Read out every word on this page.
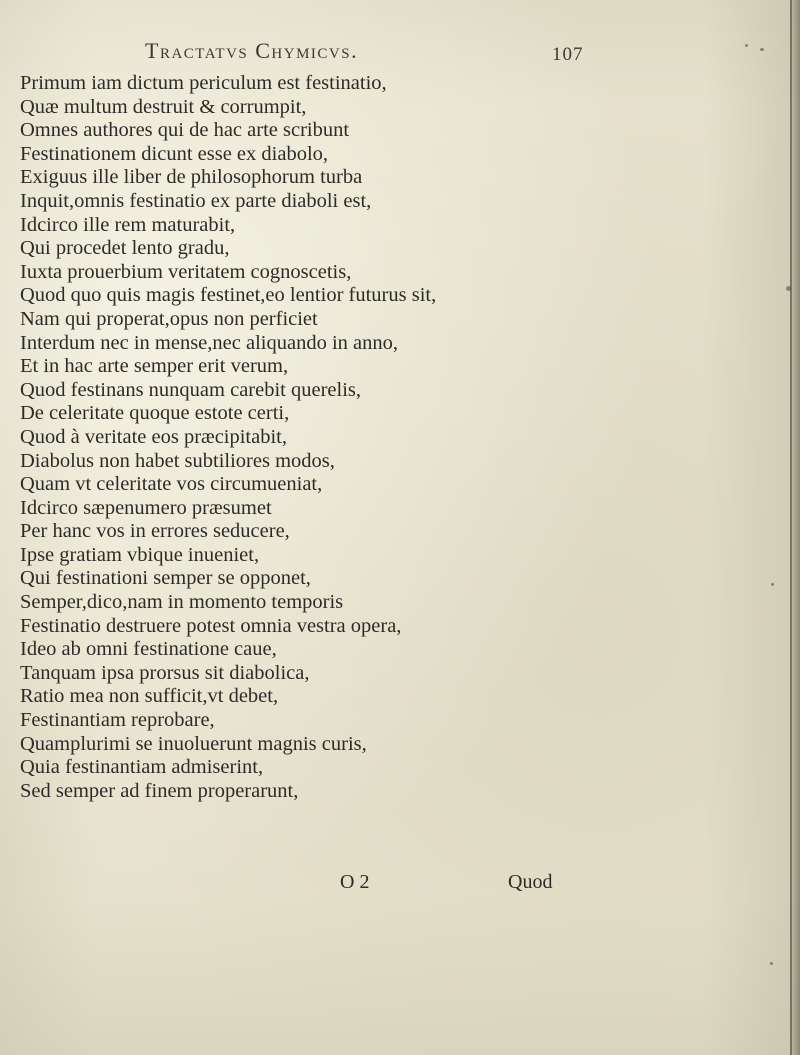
Tractatvs Chymicvs.	107
Primum iam dictum periculum est festinatio,
Quæ multum destruit & corrumpit,
Omnes authores qui de hac arte scribunt
Festinationem dicunt esse ex diabolo,
Exiguus ille liber de philosophorum turba
Inquit,omnis festinatio ex parte diaboli est,
Idcirco ille rem maturabit,
Qui procedet lento gradu,
Iuxta prouerbium veritatem cognoscetis,
Quod quo quis magis festinet,eo lentior futurus sit,
Nam qui properat,opus non perficiet
Interdum nec in mense,nec aliquando in anno,
Et in hac arte semper erit verum,
Quod festinans nunquam carebit querelis,
De celeritate quoque estote certi,
Quod à veritate eos præcipitabit,
Diabolus non habet subtiliores modos,
Quam vt celeritate vos circumueniat,
Idcirco sæpenumero præsumet
Per hanc vos in errores seducere,
Ipse gratiam vbique inueniet,
Qui festinationi semper se opponet,
Semper,dico,nam in momento temporis
Festinatio destruere potest omnia vestra opera,
Ideo ab omni festinatione caue,
Tanquam ipsa prorsus sit diabolica,
Ratio mea non sufficit,vt debet,
Festinantiam reprobare,
Quamplurimi se inuoluerunt magnis curis,
Quia festinantiam admiserint,
Sed semper ad finem properarunt,
O 2	Quod
